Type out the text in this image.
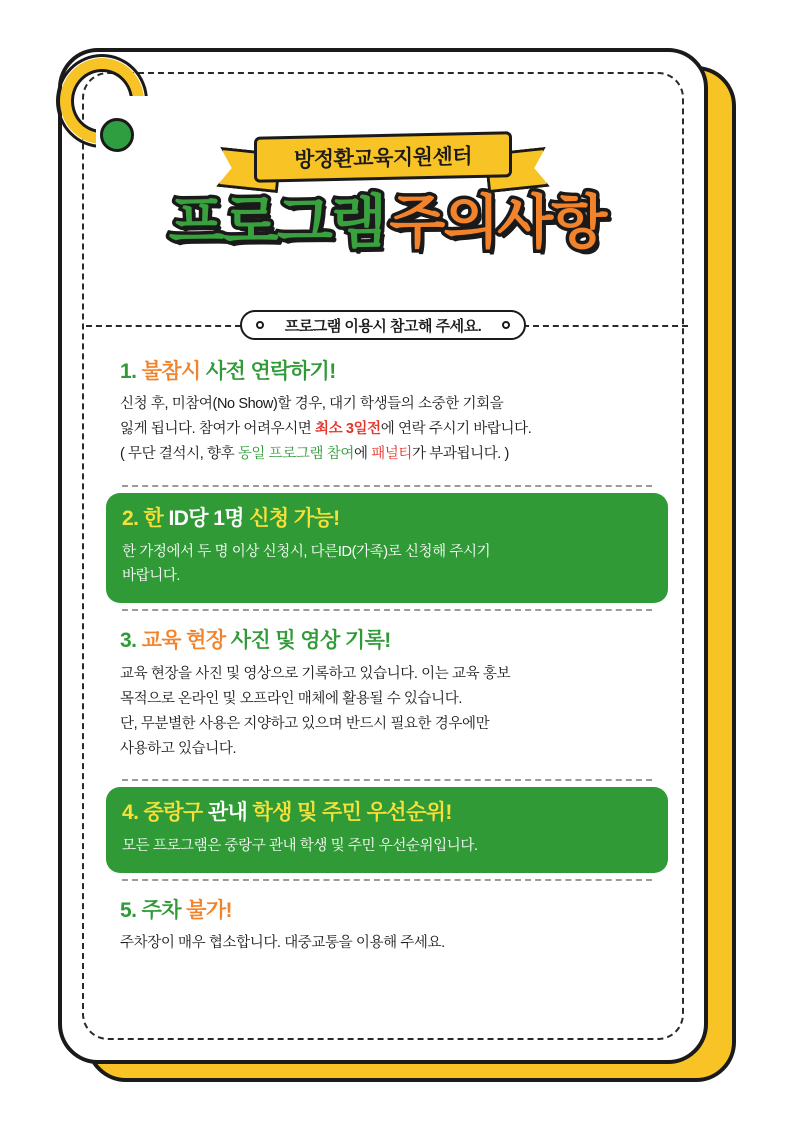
방정환교육지원센터
프로그램 주의사항
프로그램 이용시 참고해 주세요.
1. 불참시 사전 연락하기!
신청 후, 미참여(No Show)할 경우, 대기 학생들의 소중한 기회을
잃게 됩니다. 참여가 어려우시면 최소 3일전에 연락 주시기 바랍니다.
( 무단 결석시, 향후 동일 프로그램 참여에 패널티가 부과됩니다. )
2. 한 ID당 1명 신청 가능!
한 가정에서 두 명 이상 신청시, 다른ID(가족)로 신청해 주시기
바랍니다.
3. 교육 현장 사진 및 영상 기록!
교육 현장을 사진 및 영상으로 기록하고 있습니다. 이는 교육 홍보
목적으로 온라인 및 오프라인 매체에 활용될 수 있습니다.
단, 무분별한 사용은 지양하고 있으며 반드시 필요한 경우에만
사용하고 있습니다.
4. 중랑구 관내 학생 및 주민 우선순위!
모든 프로그램은 중랑구 관내 학생 및 주민 우선순위입니다.
5. 주차 불가!
주차장이 매우 협소합니다. 대중교통을 이용해 주세요.
